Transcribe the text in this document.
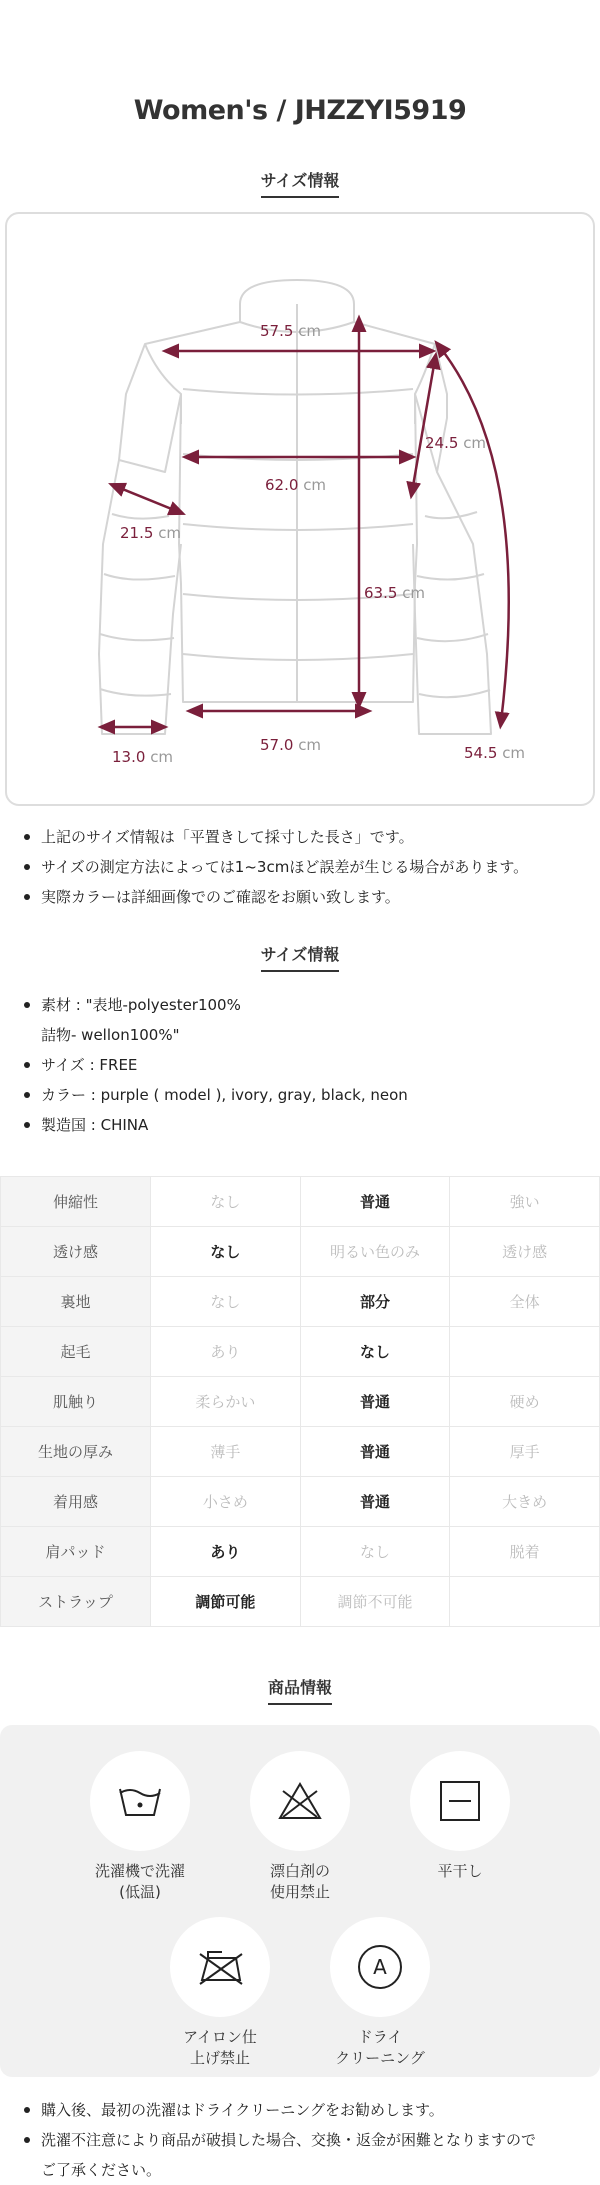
Women's / JHZZYI5919
サイズ情報
57.5 cm
24.5 cm
62.0 cm
21.5 cm
63.5 cm
57.0 cm
13.0 cm	54.5 cm
上記のサイズ情報は「平置きして採寸した長さ」です。
サイズの測定方法によっては1~3cmほど誤差が生じる場合があります。
実際カラーは詳細画像でのご確認をお願い致します。
サイズ情報
素材 : "表地-polyester100%
詰物- wellon100%"
サイズ : FREE
カラー : purple ( model ), ivory, gray, black, neon
製造国 : CHINA
伸縮性	なし	普通	強い
透け感	なし	明るい色のみ	透け感
裏地	なし	部分	全体
起毛	あり	なし	
肌触り	柔らかい	普通	硬め
生地の厚み	薄手	普通	厚手
着用感	小さめ	普通	大きめ
肩パッド	あり	なし	脱着
ストラップ	調節可能	調節不可能	
商品情報
洗濯機で洗濯
(低温)
漂白剤の
使用禁止
平干し
アイロン仕
上げ禁止
A
ドライ
クリーニング
購入後、最初の洗濯はドライクリーニングをお勧めします。
洗濯不注意により商品が破損した場合、交換・返金が困難となりますので
ご了承ください。
